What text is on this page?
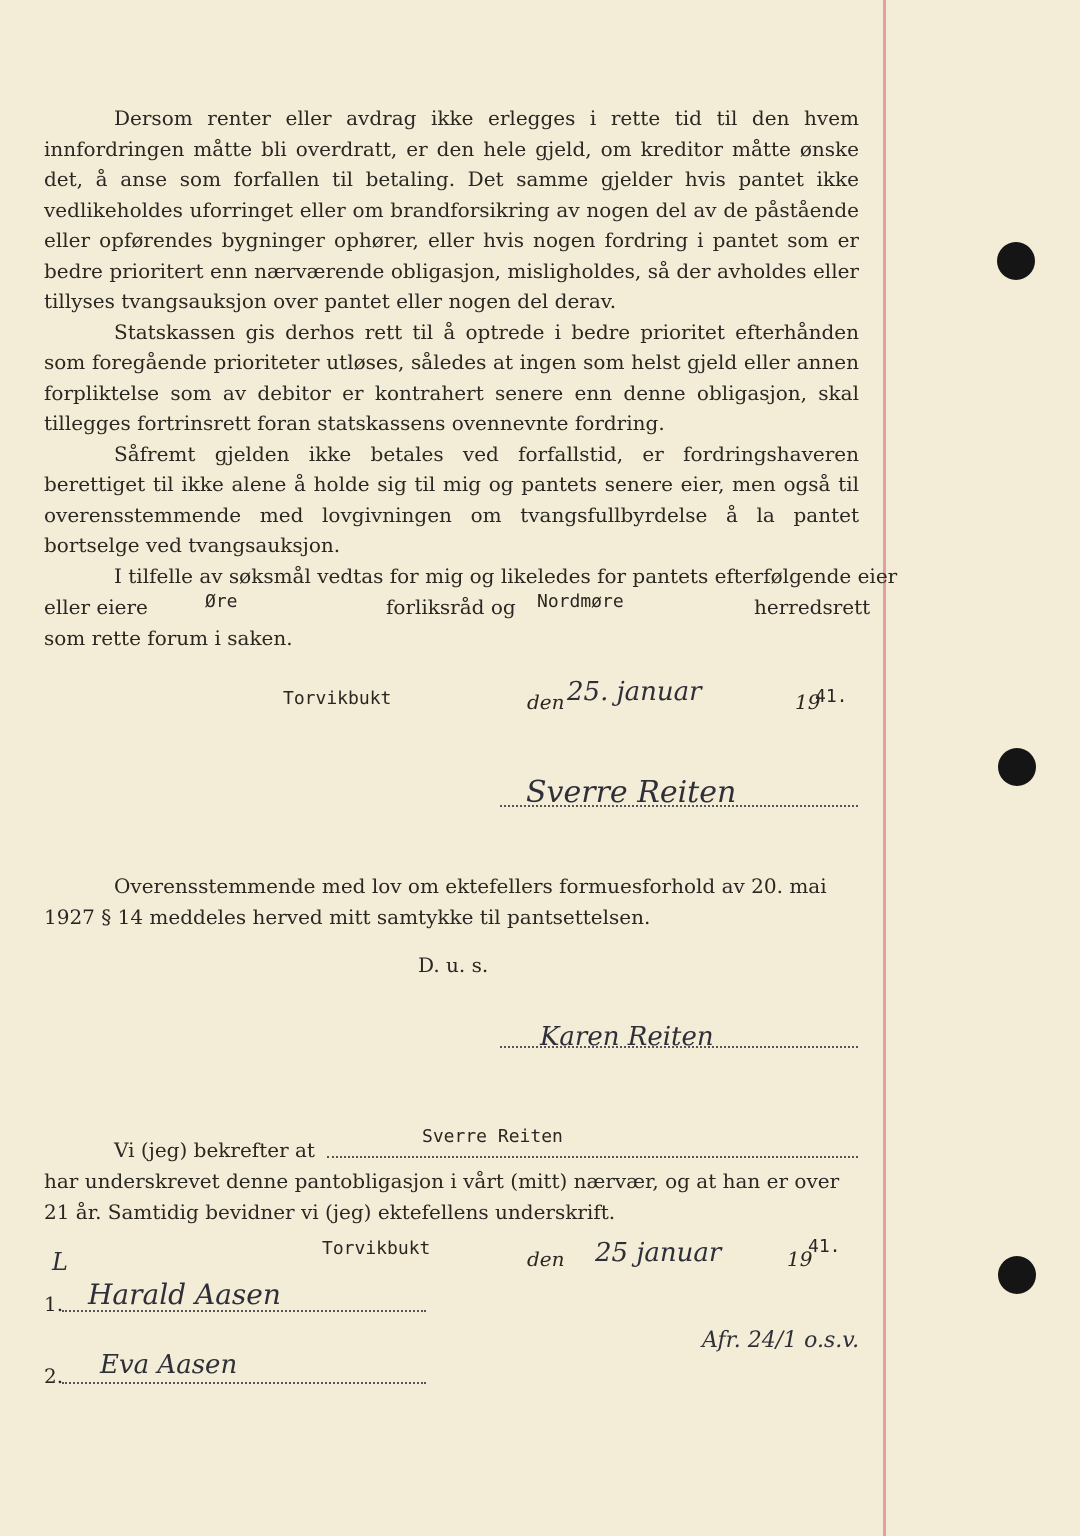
Dersom renter eller avdrag ikke erlegges i rette tid til den hvem innfordringen måtte bli overdratt, er den hele gjeld, om kreditor måtte ønske det, å anse som forfallen til betaling. Det samme gjelder hvis pantet ikke vedlikeholdes uforringet eller om brandforsikring av nogen del av de påstående eller opførendes bygninger ophører, eller hvis nogen fordring i pantet som er bedre prioritert enn nærværende obligasjon, misligholdes, så der avholdes eller tillyses tvangsauksjon over pantet eller nogen del derav.

Statskassen gis derhos rett til å optrede i bedre prioritet efterhånden som foregående prioriteter utløses, således at ingen som helst gjeld eller annen forpliktelse som av debitor er kontrahert senere enn denne obligasjon, skal tillegges fortrinsrett foran statskassens ovennevnte fordring.

Såfremt gjelden ikke betales ved forfallstid, er fordringshaveren berettiget til ikke alene å holde sig til mig og pantets senere eier, men også til overensstemmende med lovgivningen om tvangsfullbyrdelse å la pantet bortselge ved tvangsauksjon.

I tilfelle av søksmål vedtas for mig og likeledes for pantets efterfølgende eier
eller eiere	Øre	forliksråd og Nordmøre	herredsrett
som rette forum i saken.
Torvikbukt	den 25. januar	19
41.
Sverre Reiten
Overensstemmende med lov om ektefellers formuesforhold av 20. mai
1927 § 14 meddeles herved mitt samtykke til pantsettelsen.
D. u. s.
Karen Reiten
Vi (jeg) bekrefter at
Sverre Reiten
har underskrevet denne pantobligasjon i vårt (mitt) nærvær, og at han er over
21 år. Samtidig bevidner vi (jeg) ektefellens underskrift.
Torvikbukt	den 25 januar	19
41.
L
1. Harald Aasen
2. Eva Aasen
Afr. 24/1 o.s.v.
